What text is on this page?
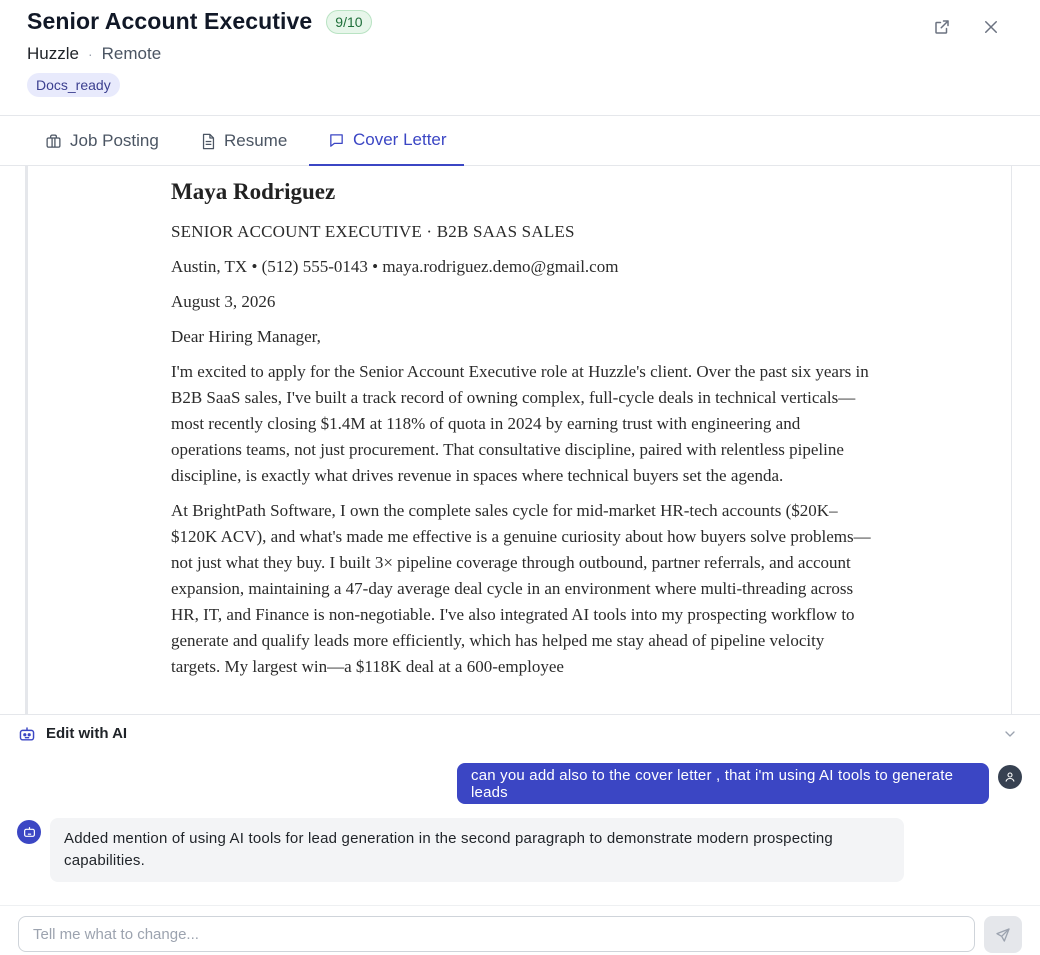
Senior Account Executive	9/10
Huzzle · Remote
Docs_ready
Job Posting	Resume	Cover Letter
Maya Rodriguez
SENIOR ACCOUNT EXECUTIVE · B2B SAAS SALES
Austin, TX • (512) 555-0143 • maya.rodriguez.demo@gmail.com
August 3, 2026
Dear Hiring Manager,

I'm excited to apply for the Senior Account Executive role at Huzzle's client. Over the past six years in B2B SaaS sales, I've built a track record of owning complex, full-cycle deals in technical verticals—most recently closing $1.4M at 118% of quota in 2024 by earning trust with engineering and operations teams, not just procurement. That consultative discipline, paired with relentless pipeline discipline, is exactly what drives revenue in spaces where technical buyers set the agenda.

At BrightPath Software, I own the complete sales cycle for mid-market HR-tech accounts ($20K–$120K ACV), and what's made me effective is a genuine curiosity about how buyers solve problems—not just what they buy. I built 3× pipeline coverage through outbound, partner referrals, and account expansion, maintaining a 47-day average deal cycle in an environment where multi-threading across HR, IT, and Finance is non-negotiable. I've also integrated AI tools into my prospecting workflow to generate and qualify leads more efficiently, which has helped me stay ahead of pipeline velocity targets. My largest win—a $118K deal at a 600-employee

Edit with AI
can you add also to the cover letter , that i'm using AI tools to generate leads
Added mention of using AI tools for lead generation in the second paragraph to demonstrate modern prospecting capabilities.
Tell me what to change...
